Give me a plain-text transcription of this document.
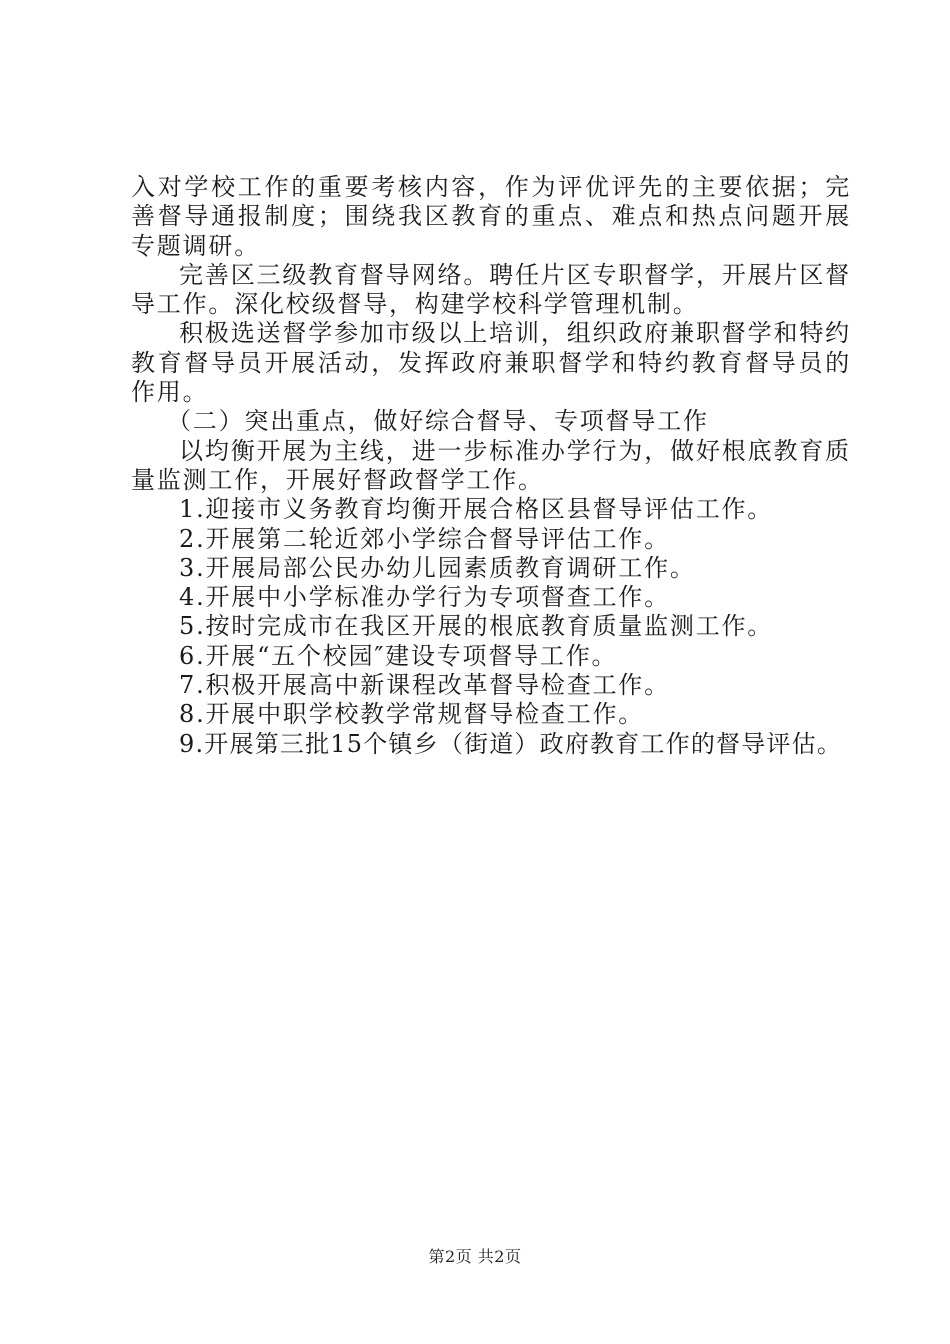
入对学校工作的重要考核内容，作为评优评先的主要依据；完善督导通报制度；围绕我区教育的重点、难点和热点问题开展专题调研。

完善区三级教育督导网络。聘任片区专职督学，开展片区督导工作。深化校级督导，构建学校科学管理机制。

积极选送督学参加市级以上培训，组织政府兼职督学和特约教育督导员开展活动，发挥政府兼职督学和特约教育督导员的作用。

（二）突出重点，做好综合督导、专项督导工作

以均衡开展为主线，进一步标准办学行为，做好根底教育质量监测工作，开展好督政督学工作。

1.迎接市义务教育均衡开展合格区县督导评估工作。

2.开展第二轮近郊小学综合督导评估工作。

3.开展局部公民办幼儿园素质教育调研工作。

4.开展中小学标准办学行为专项督查工作。

5.按时完成市在我区开展的根底教育质量监测工作。

6.开展“五个校园″建设专项督导工作。

7.积极开展高中新课程改革督导检查工作。

8.开展中职学校教学常规督导检查工作。

9.开展第三批15个镇乡（街道）政府教育工作的督导评估。

第2页 共2页
